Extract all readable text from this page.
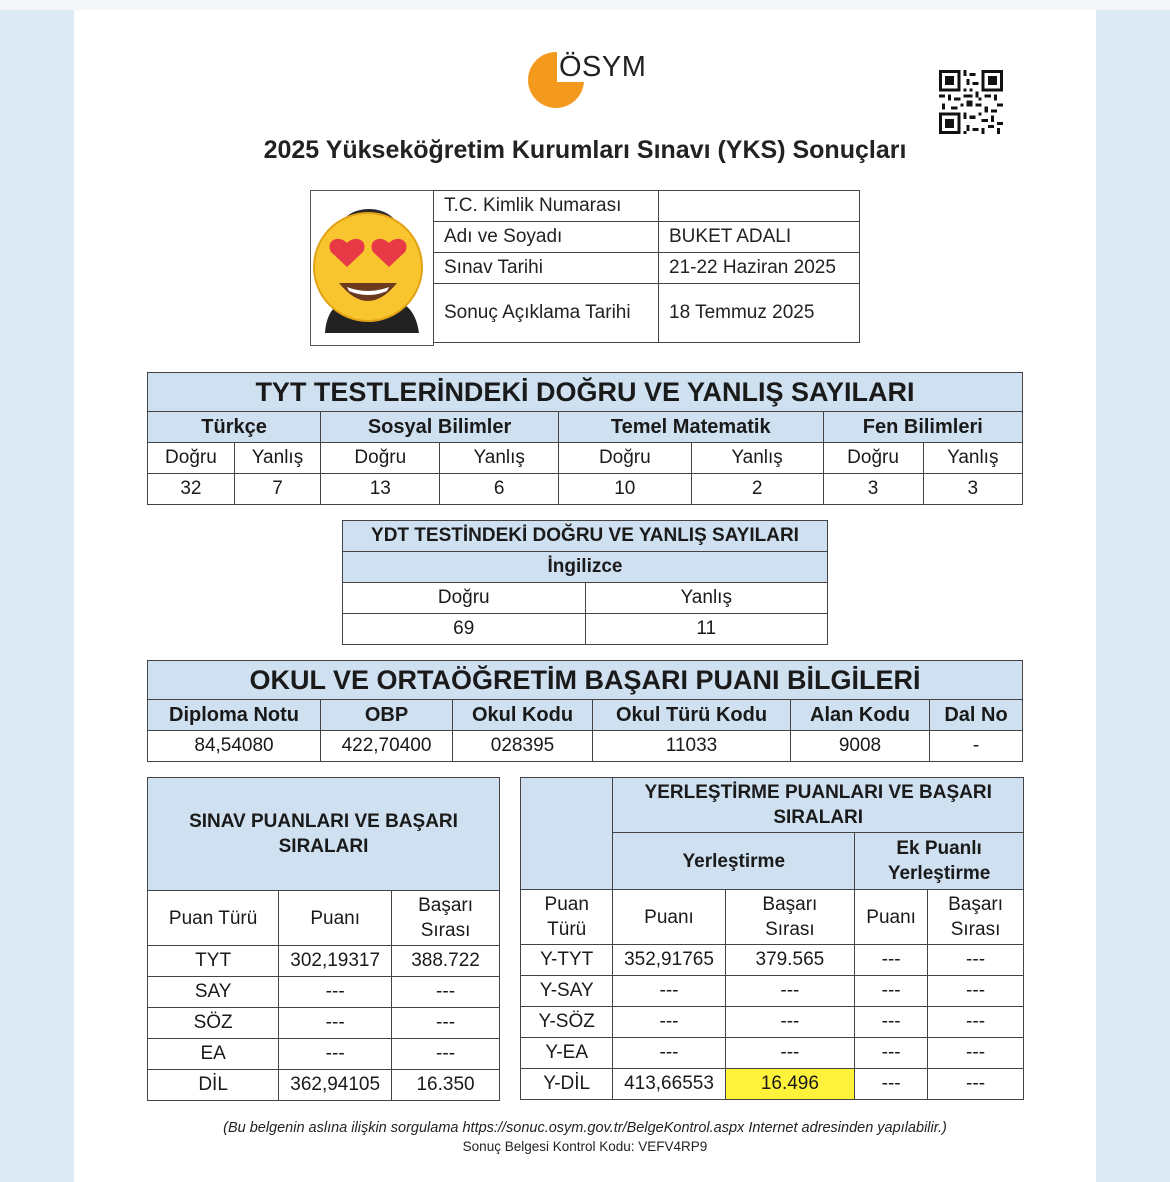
ÖSYM
2025 Yükseköğretim Kurumları Sınavı (YKS) Sonuçları
T.C. Kimlik Numarası	
Adı ve Soyadı	BUKET ADALI
Sınav Tarihi	21-22 Haziran 2025
Sonuç Açıklama Tarihi	18 Temmuz 2025
TYT TESTLERİNDEKİ DOĞRU VE YANLIŞ SAYILARI							
Türkçe		Sosyal Bilimler		Temel Matematik		Fen Bilimleri	
Doğru	Yanlış	Doğru	Yanlış	Doğru	Yanlış	Doğru	Yanlış
32	7	13	6	10	2	3	3
YDT TESTİNDEKİ DOĞRU VE YANLIŞ SAYILARI	
İngilizce	
Doğru	Yanlış
69	11
OKUL VE ORTAÖĞRETİM BAŞARI PUANI BİLGİLERİ					
Diploma Notu	OBP	Okul Kodu	Okul Türü Kodu	Alan Kodu	Dal No
84,54080	422,70400	028395	11033	9008	-
SINAV PUANLARI VE BAŞARI SIRALARI		
Puan Türü	Puanı	Başarı Sırası
TYT	302,19317	388.722
SAY	---	---
SÖZ	---	---
EA	---	---
DİL	362,94105	16.350
	YERLEŞTİRME PUANLARI VE BAŞARI SIRALARI			
	Yerleştirme		Ek Puanlı Yerleştirme	
Puan Türü	Puanı	Başarı Sırası	Puanı	Başarı Sırası
Y-TYT	352,91765	379.565	---	---
Y-SAY	---	---	---	---
Y-SÖZ	---	---	---	---
Y-EA	---	---	---	---
Y-DİL	413,66553	16.496	---	---
(Bu belgenin aslına ilişkin sorgulama https://sonuc.osym.gov.tr/BelgeKontrol.aspx Internet adresinden yapılabilir.)
Sonuç Belgesi Kontrol Kodu: VEFV4RP9
